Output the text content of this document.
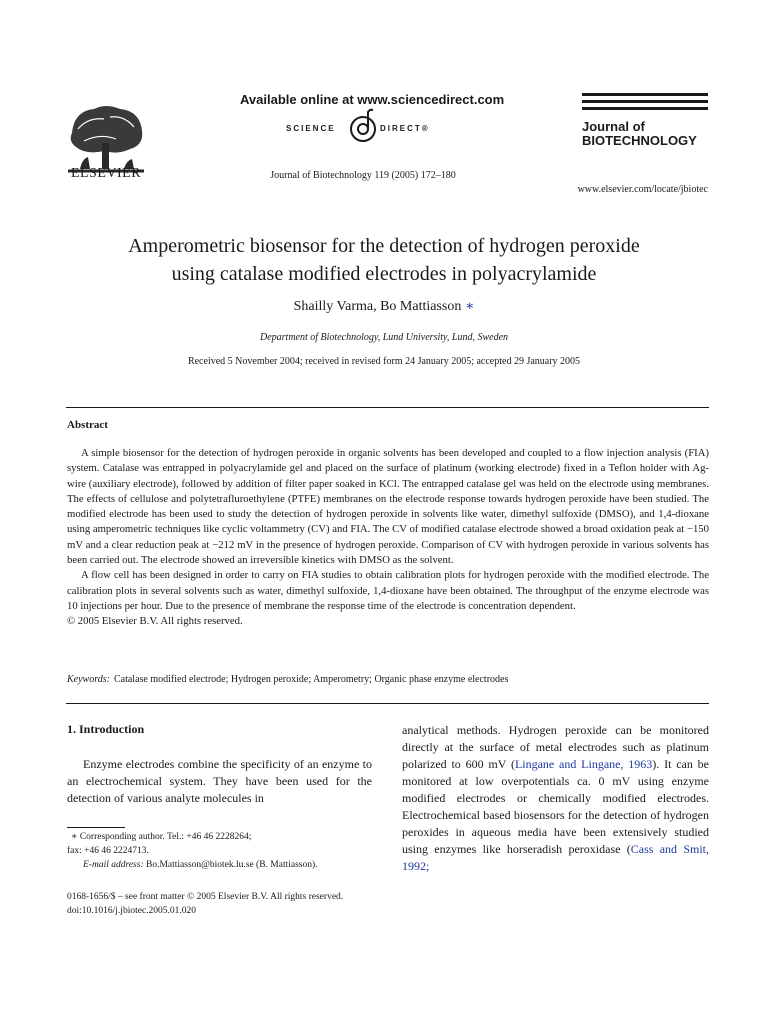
ELSEVIER
Available online at www.sciencedirect.com
SCIENCE	DIRECT®
Journal of Biotechnology 119 (2005) 172–180
Journal of
BIOTECHNOLOGY
www.elsevier.com/locate/jbiotec
Amperometric biosensor for the detection of hydrogen peroxide
using catalase modified electrodes in polyacrylamide
Shailly Varma, Bo Mattiasson ∗
Department of Biotechnology, Lund University, Lund, Sweden
Received 5 November 2004; received in revised form 24 January 2005; accepted 29 January 2005
Abstract

A simple biosensor for the detection of hydrogen peroxide in organic solvents has been developed and coupled to a flow injection analysis (FIA) system. Catalase was entrapped in polyacrylamide gel and placed on the surface of platinum (working electrode) fixed in a Teflon holder with Ag-wire (auxiliary electrode), followed by addition of filter paper soaked in KCl. The entrapped catalase gel was held on the electrode using membranes. The effects of cellulose and polytetrafluroethylene (PTFE) membranes on the electrode response towards hydrogen peroxide have been studied. The modified electrode has been used to study the detection of hydrogen peroxide in solvents like water, dimethyl sulfoxide (DMSO), and 1,4-dioxane using amperometric techniques like cyclic voltammetry (CV) and FIA. The CV of modified catalase electrode showed a broad oxidation peak at −150 mV and a clear reduction peak at −212 mV in the presence of hydrogen peroxide. Comparison of CV with hydrogen peroxide in various solvents has been carried out. The electrode showed an irreversible kinetics with DMSO as the solvent.

A flow cell has been designed in order to carry on FIA studies to obtain calibration plots for hydrogen peroxide with the modified electrode. The calibration plots in several solvents such as water, dimethyl sulfoxide, 1,4-dioxane have been obtained. The throughput of the enzyme electrode was 10 injections per hour. Due to the presence of membrane the response time of the electrode is concentration dependent.

© 2005 Elsevier B.V. All rights reserved.

Keywords: Catalase modified electrode; Hydrogen peroxide; Amperometry; Organic phase enzyme electrodes
1. Introduction

Enzyme electrodes combine the specificity of an enzyme to an electrochemical system. They have been used for the detection of various analyte molecules in

analytical methods. Hydrogen peroxide can be monitored directly at the surface of metal electrodes such as platinum polarized to 600 mV (Lingane and Lingane, 1963). It can be monitored at low overpotentials ca. 0 mV using enzyme modified electrodes or chemically modified electrodes. Electrochemical based biosensors for the detection of hydrogen peroxides in aqueous media have been extensively studied using enzymes like horseradish peroxidase (Cass and Smit, 1992;

∗ Corresponding author. Tel.: +46 46 2228264;
fax: +46 46 2224713.
E-mail address: Bo.Mattiasson@biotek.lu.se (B. Mattiasson).
0168-1656/$ – see front matter © 2005 Elsevier B.V. All rights reserved.
doi:10.1016/j.jbiotec.2005.01.020
